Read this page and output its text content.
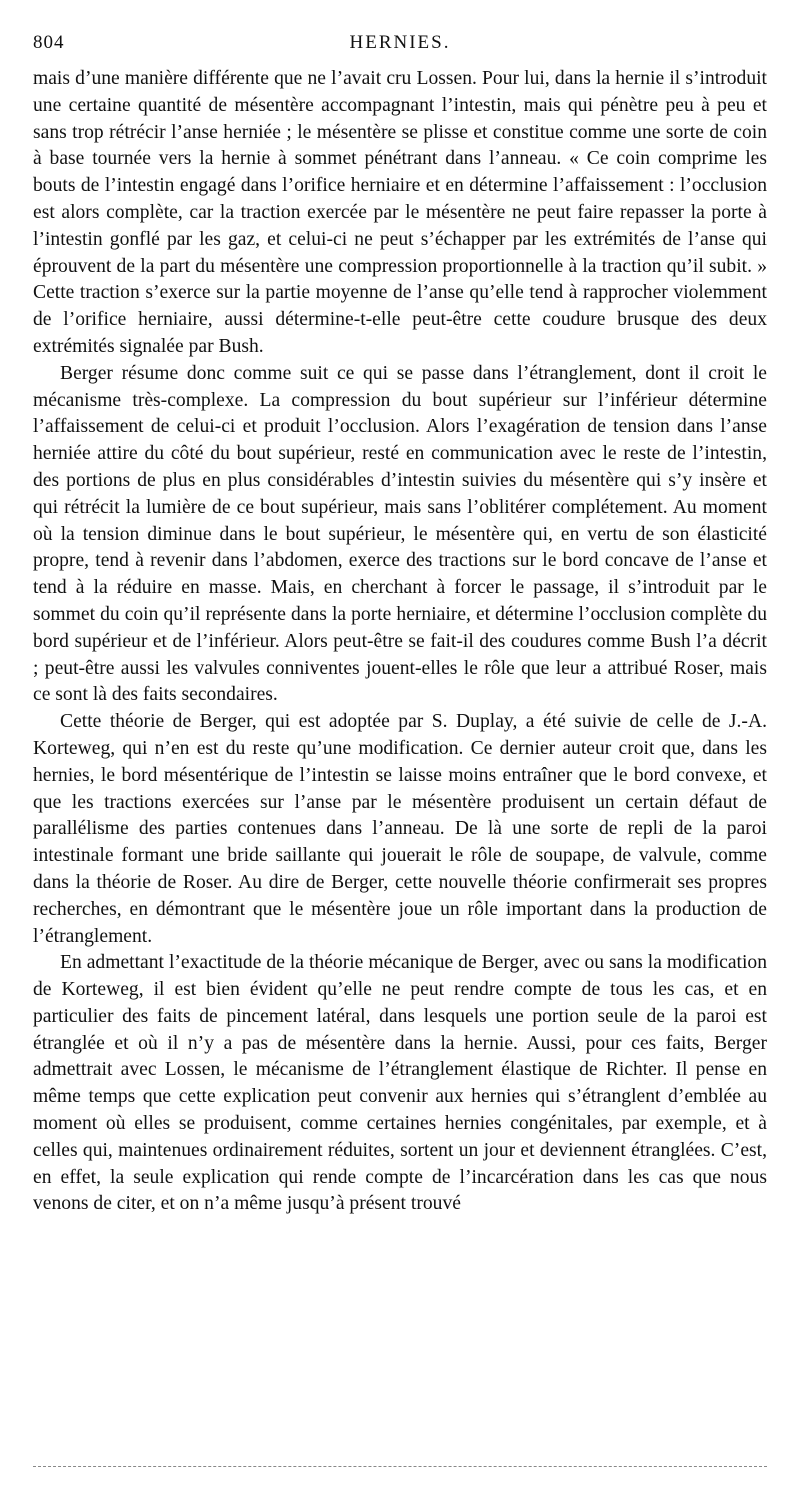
804	HERNIES.

mais d’une manière différente que ne l’avait cru Lossen. Pour lui, dans la hernie il s’introduit une certaine quantité de mésentère accompagnant l’intestin, mais qui pénètre peu à peu et sans trop rétrécir l’anse herniée ; le mésentère se plisse et constitue comme une sorte de coin à base tournée vers la hernie à sommet pénétrant dans l’anneau. « Ce coin comprime les bouts de l’intestin engagé dans l’orifice herniaire et en détermine l’affaissement : l’occlusion est alors complète, car la traction exercée par le mésentère ne peut faire repasser la porte à l’intestin gonflé par les gaz, et celui-ci ne peut s’échapper par les extrémités de l’anse qui éprouvent de la part du mésentère une compression proportionnelle à la traction qu’il subit. » Cette traction s’exerce sur la partie moyenne de l’anse qu’elle tend à rapprocher violemment de l’orifice herniaire, aussi détermine-t-elle peut-être cette coudure brusque des deux extrémités signalée par Bush.

Berger résume donc comme suit ce qui se passe dans l’étranglement, dont il croit le mécanisme très-complexe. La compression du bout supérieur sur l’inférieur détermine l’affaissement de celui-ci et produit l’occlusion. Alors l’exagération de tension dans l’anse herniée attire du côté du bout supérieur, resté en communication avec le reste de l’intestin, des portions de plus en plus considérables d’intestin suivies du mésentère qui s’y insère et qui rétrécit la lumière de ce bout supérieur, mais sans l’oblitérer complétement. Au moment où la tension diminue dans le bout supérieur, le mésentère qui, en vertu de son élasticité propre, tend à revenir dans l’abdomen, exerce des tractions sur le bord concave de l’anse et tend à la réduire en masse. Mais, en cherchant à forcer le passage, il s’introduit par le sommet du coin qu’il représente dans la porte herniaire, et détermine l’occlusion complète du bord supérieur et de l’inférieur. Alors peut-être se fait-il des coudures comme Bush l’a décrit ; peut-être aussi les valvules conniventes jouent-elles le rôle que leur a attribué Roser, mais ce sont là des faits secondaires.

Cette théorie de Berger, qui est adoptée par S. Duplay, a été suivie de celle de J.-A. Korteweg, qui n’en est du reste qu’une modification. Ce dernier auteur croit que, dans les hernies, le bord mésentérique de l’intestin se laisse moins entraîner que le bord convexe, et que les tractions exercées sur l’anse par le mésentère produisent un certain défaut de parallélisme des parties contenues dans l’anneau. De là une sorte de repli de la paroi intestinale formant une bride saillante qui jouerait le rôle de soupape, de valvule, comme dans la théorie de Roser. Au dire de Berger, cette nouvelle théorie confirmerait ses propres recherches, en démontrant que le mésentère joue un rôle important dans la production de l’étranglement.

En admettant l’exactitude de la théorie mécanique de Berger, avec ou sans la modification de Korteweg, il est bien évident qu’elle ne peut rendre compte de tous les cas, et en particulier des faits de pincement latéral, dans lesquels une portion seule de la paroi est étranglée et où il n’y a pas de mésentère dans la hernie. Aussi, pour ces faits, Berger admettrait avec Lossen, le mécanisme de l’étranglement élastique de Richter. Il pense en même temps que cette explication peut convenir aux hernies qui s’étranglent d’emblée au moment où elles se produisent, comme certaines hernies congénitales, par exemple, et à celles qui, maintenues ordinairement réduites, sortent un jour et deviennent étranglées. C’est, en effet, la seule explication qui rende compte de l’incarcération dans les cas que nous venons de citer, et on n’a même jusqu’à présent trouvé
